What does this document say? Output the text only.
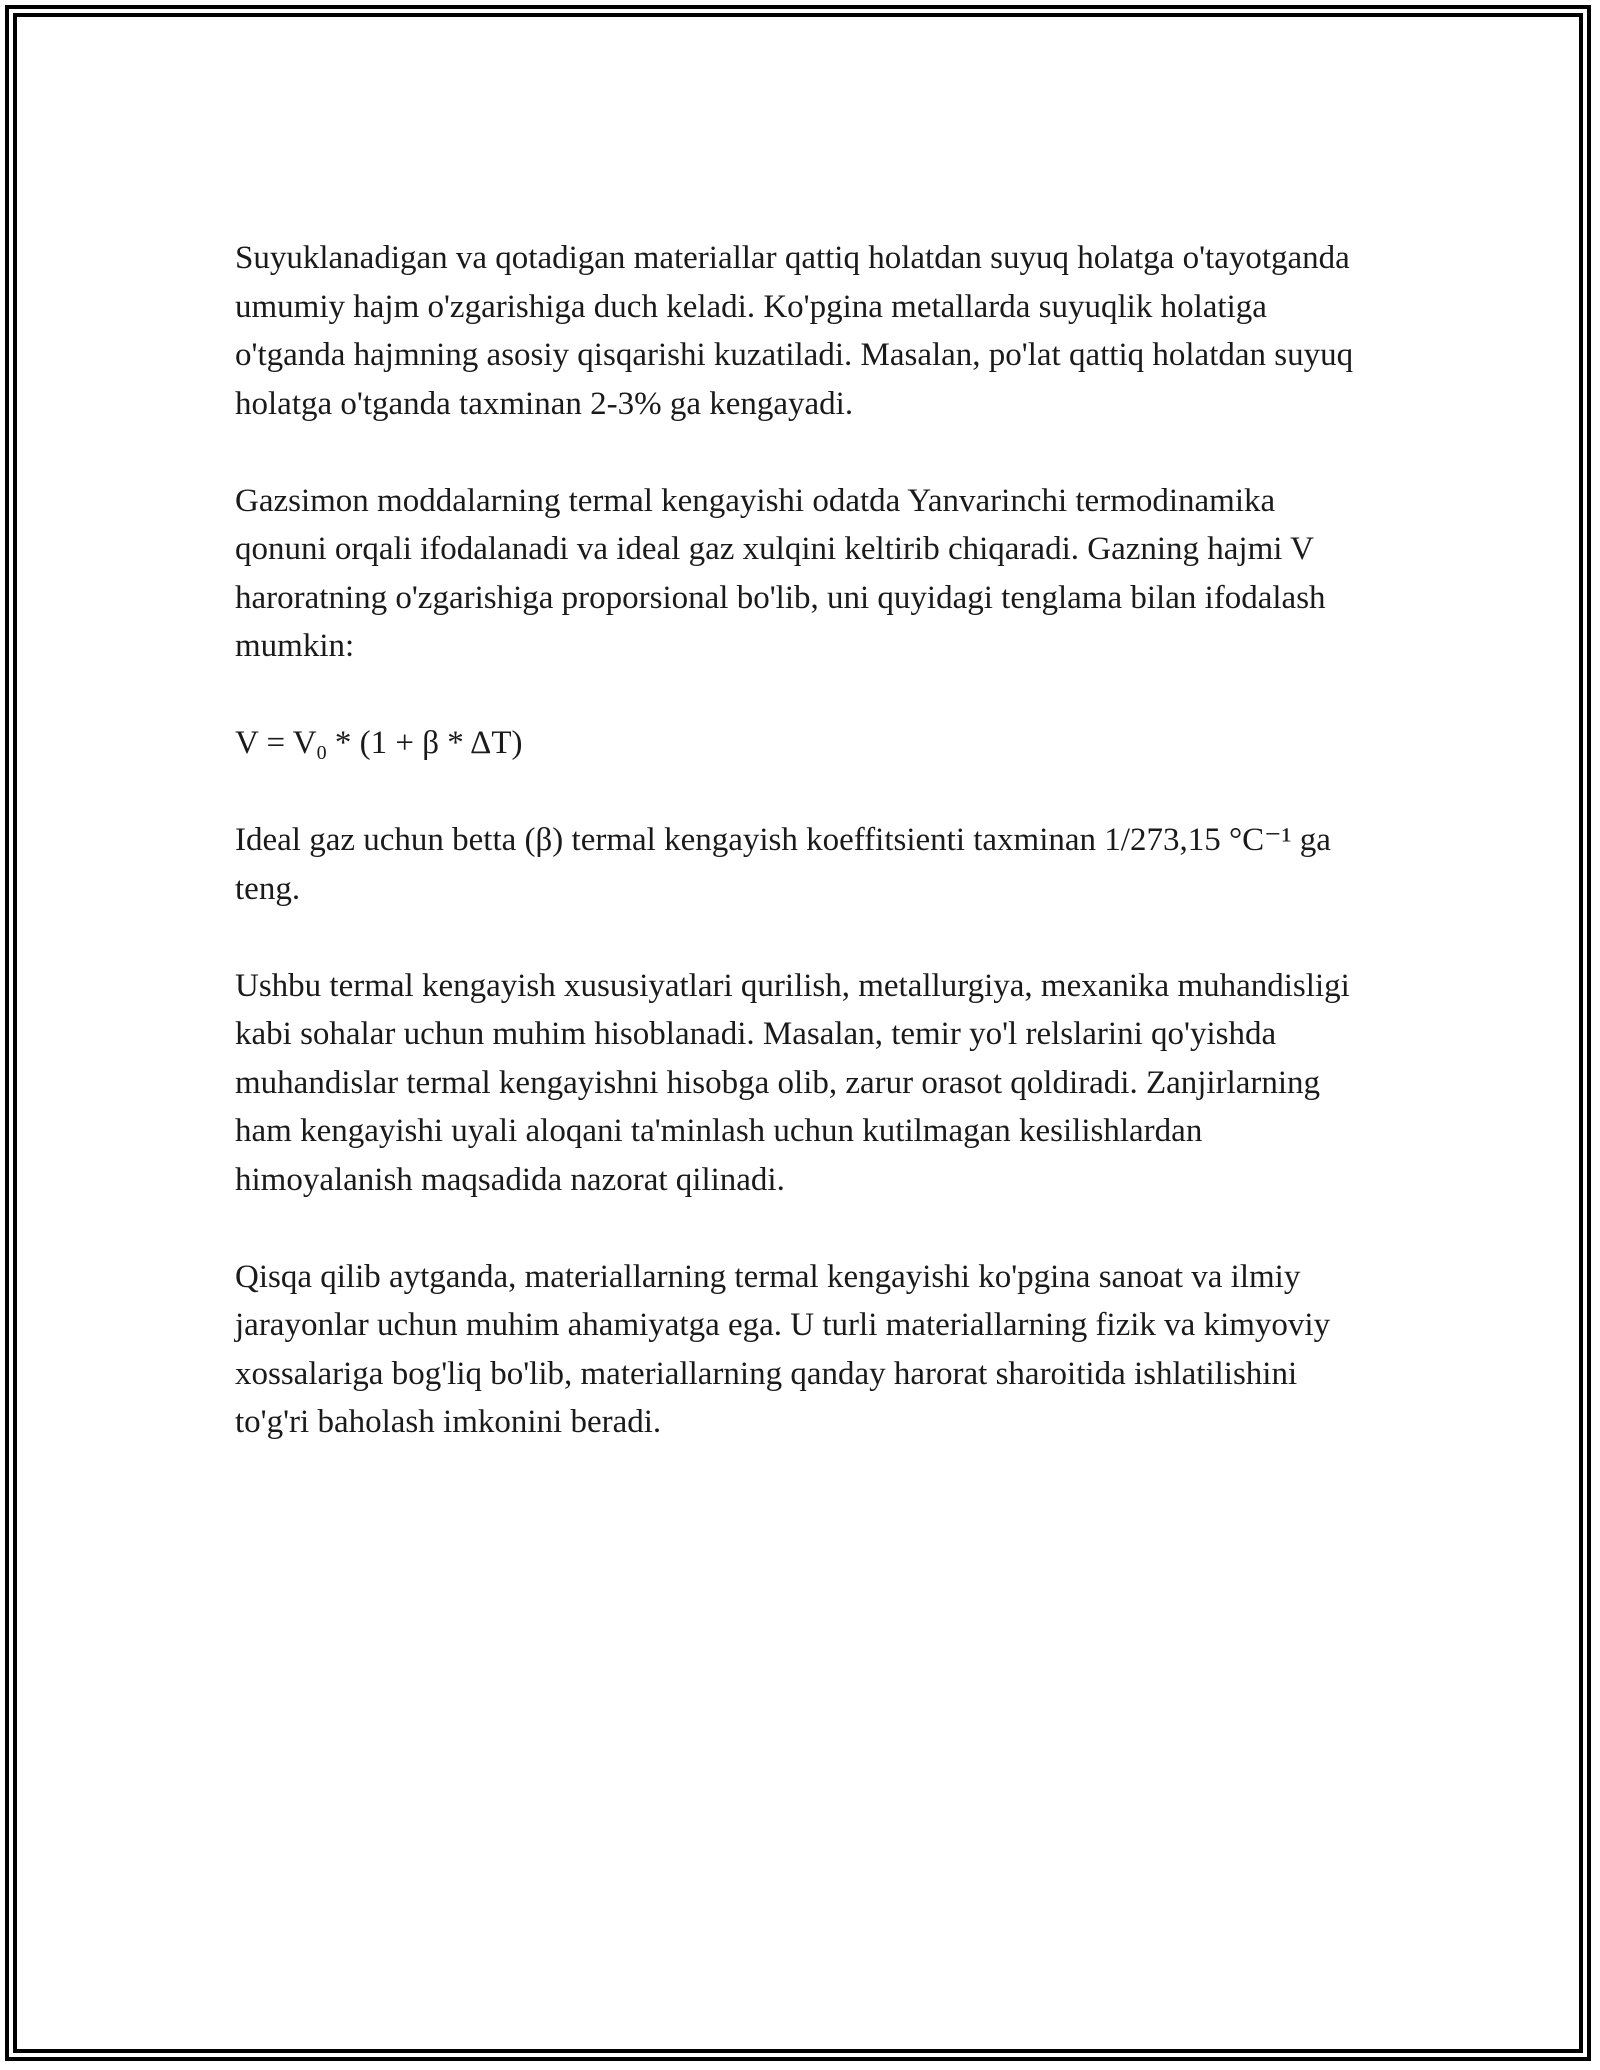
Suyuklanadigan va qotadigan materiallar qattiq holatdan suyuq holatga o'tayotganda umumiy hajm o'zgarishiga duch keladi. Ko'pgina metallarda suyuqlik holatiga o'tganda hajmning asosiy qisqarishi kuzatiladi. Masalan, po'lat qattiq holatdan suyuq holatga o'tganda taxminan 2-3% ga kengayadi.

Gazsimon moddalarning termal kengayishi odatda Yanvarinchi termodinamika qonuni orqali ifodalanadi va ideal gaz xulqini keltirib chiqaradi. Gazning hajmi V haroratning o'zgarishiga proporsional bo'lib, uni quyidagi tenglama bilan ifodalash mumkin:

$V = V_0 * (1 + \beta * \Delta T)$

Ideal gaz uchun betta (β) termal kengayish koeffitsienti taxminan 1/273,15 °C⁻¹ ga teng.

Ushbu termal kengayish xususiyatlari qurilish, metallurgiya, mexanika muhandisligi kabi sohalar uchun muhim hisoblanadi. Masalan, temir yo'l relslarini qo'yishda muhandislar termal kengayishni hisobga olib, zarur orasot qoldiradi. Zanjirlarning ham kengayishi uyali aloqani ta'minlash uchun kutilmagan kesilishlardan himoyalanish maqsadida nazorat qilinadi.

Qisqa qilib aytganda, materiallarning termal kengayishi ko'pgina sanoat va ilmiy jarayonlar uchun muhim ahamiyatga ega. U turli materiallarning fizik va kimyoviy xossalariga bog'liq bo'lib, materiallarning qanday harorat sharoitida ishlatilishini to'g'ri baholash imkonini beradi.
